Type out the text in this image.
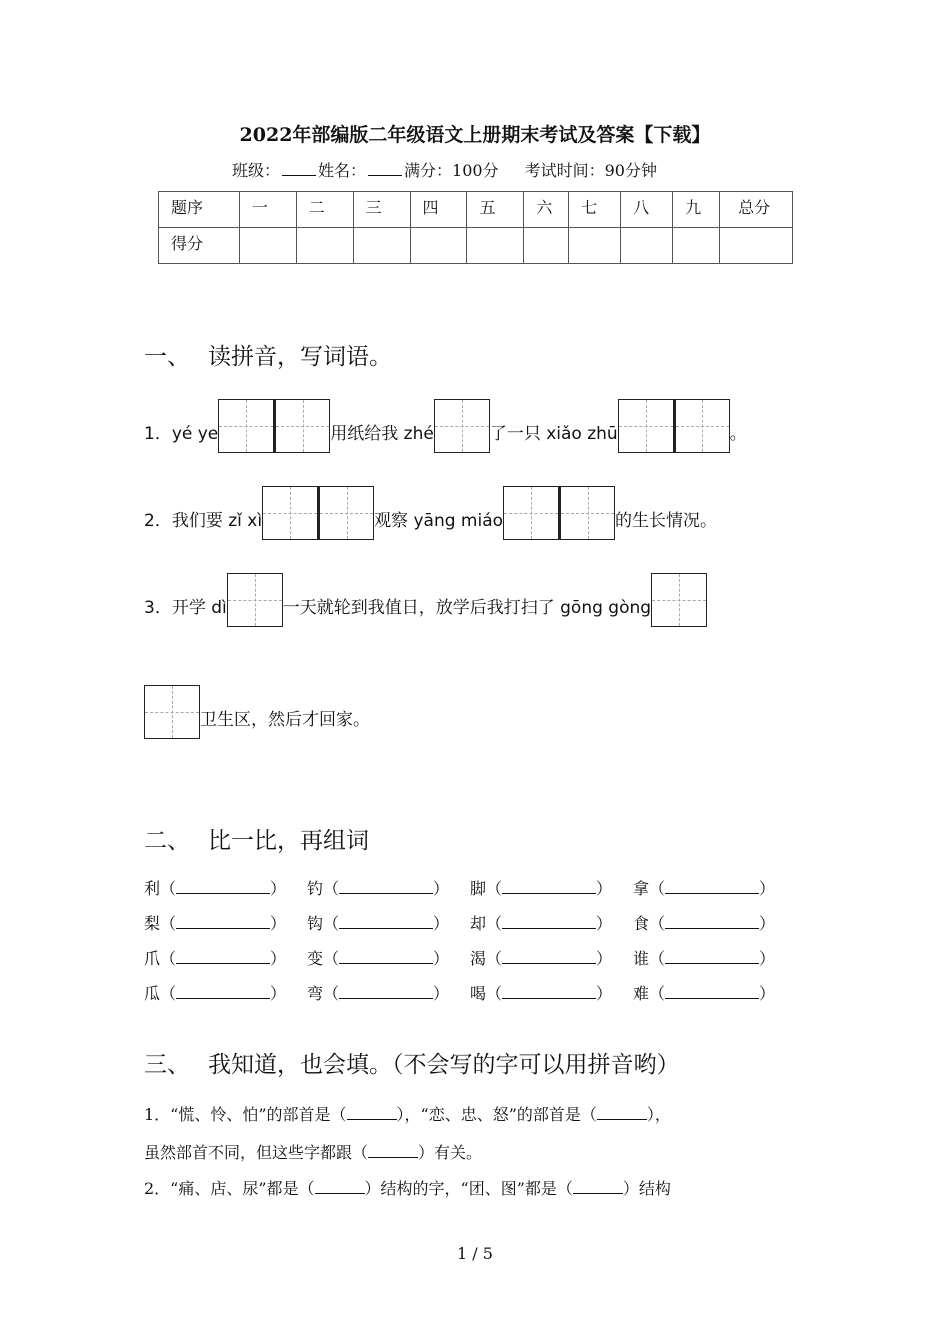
2022年部编版二年级语文上册期末考试及答案【下载】
班级： 姓名： 满分：100分 考试时间：90分钟
题序	一	二	三	四	五	六	七	八	九	总分
得分										
一、 读拼音，写词语。
1．yé ye	用纸给我 zhé	了一只 xiǎo zhū	。
2．我们要 zǐ xì	观察 yāng miáo	的生长情况。
3．开学 dì	一天就轮到我值日，放学后我打扫了 gōng gòng
卫生区，然后才回家。
二、 比一比，再组词
利（	）	钓（	）	脚（	）	拿（	）
梨（	）	钩（	）	却（	）	食（	）
爪（	）	变（	）	渴（	）	谁（	）
瓜（	）	弯（	）	喝（	）	难（	）
三、 我知道，也会填。（不会写的字可以用拼音哟）
1．“慌、怜、怕”的部首是（	），“恋、忠、怒”的部首是（	），
虽然部首不同，但这些字都跟（	）有关。
2．“痛、店、尿”都是（	）结构的字，“团、图”都是（	）结构
1 / 5
